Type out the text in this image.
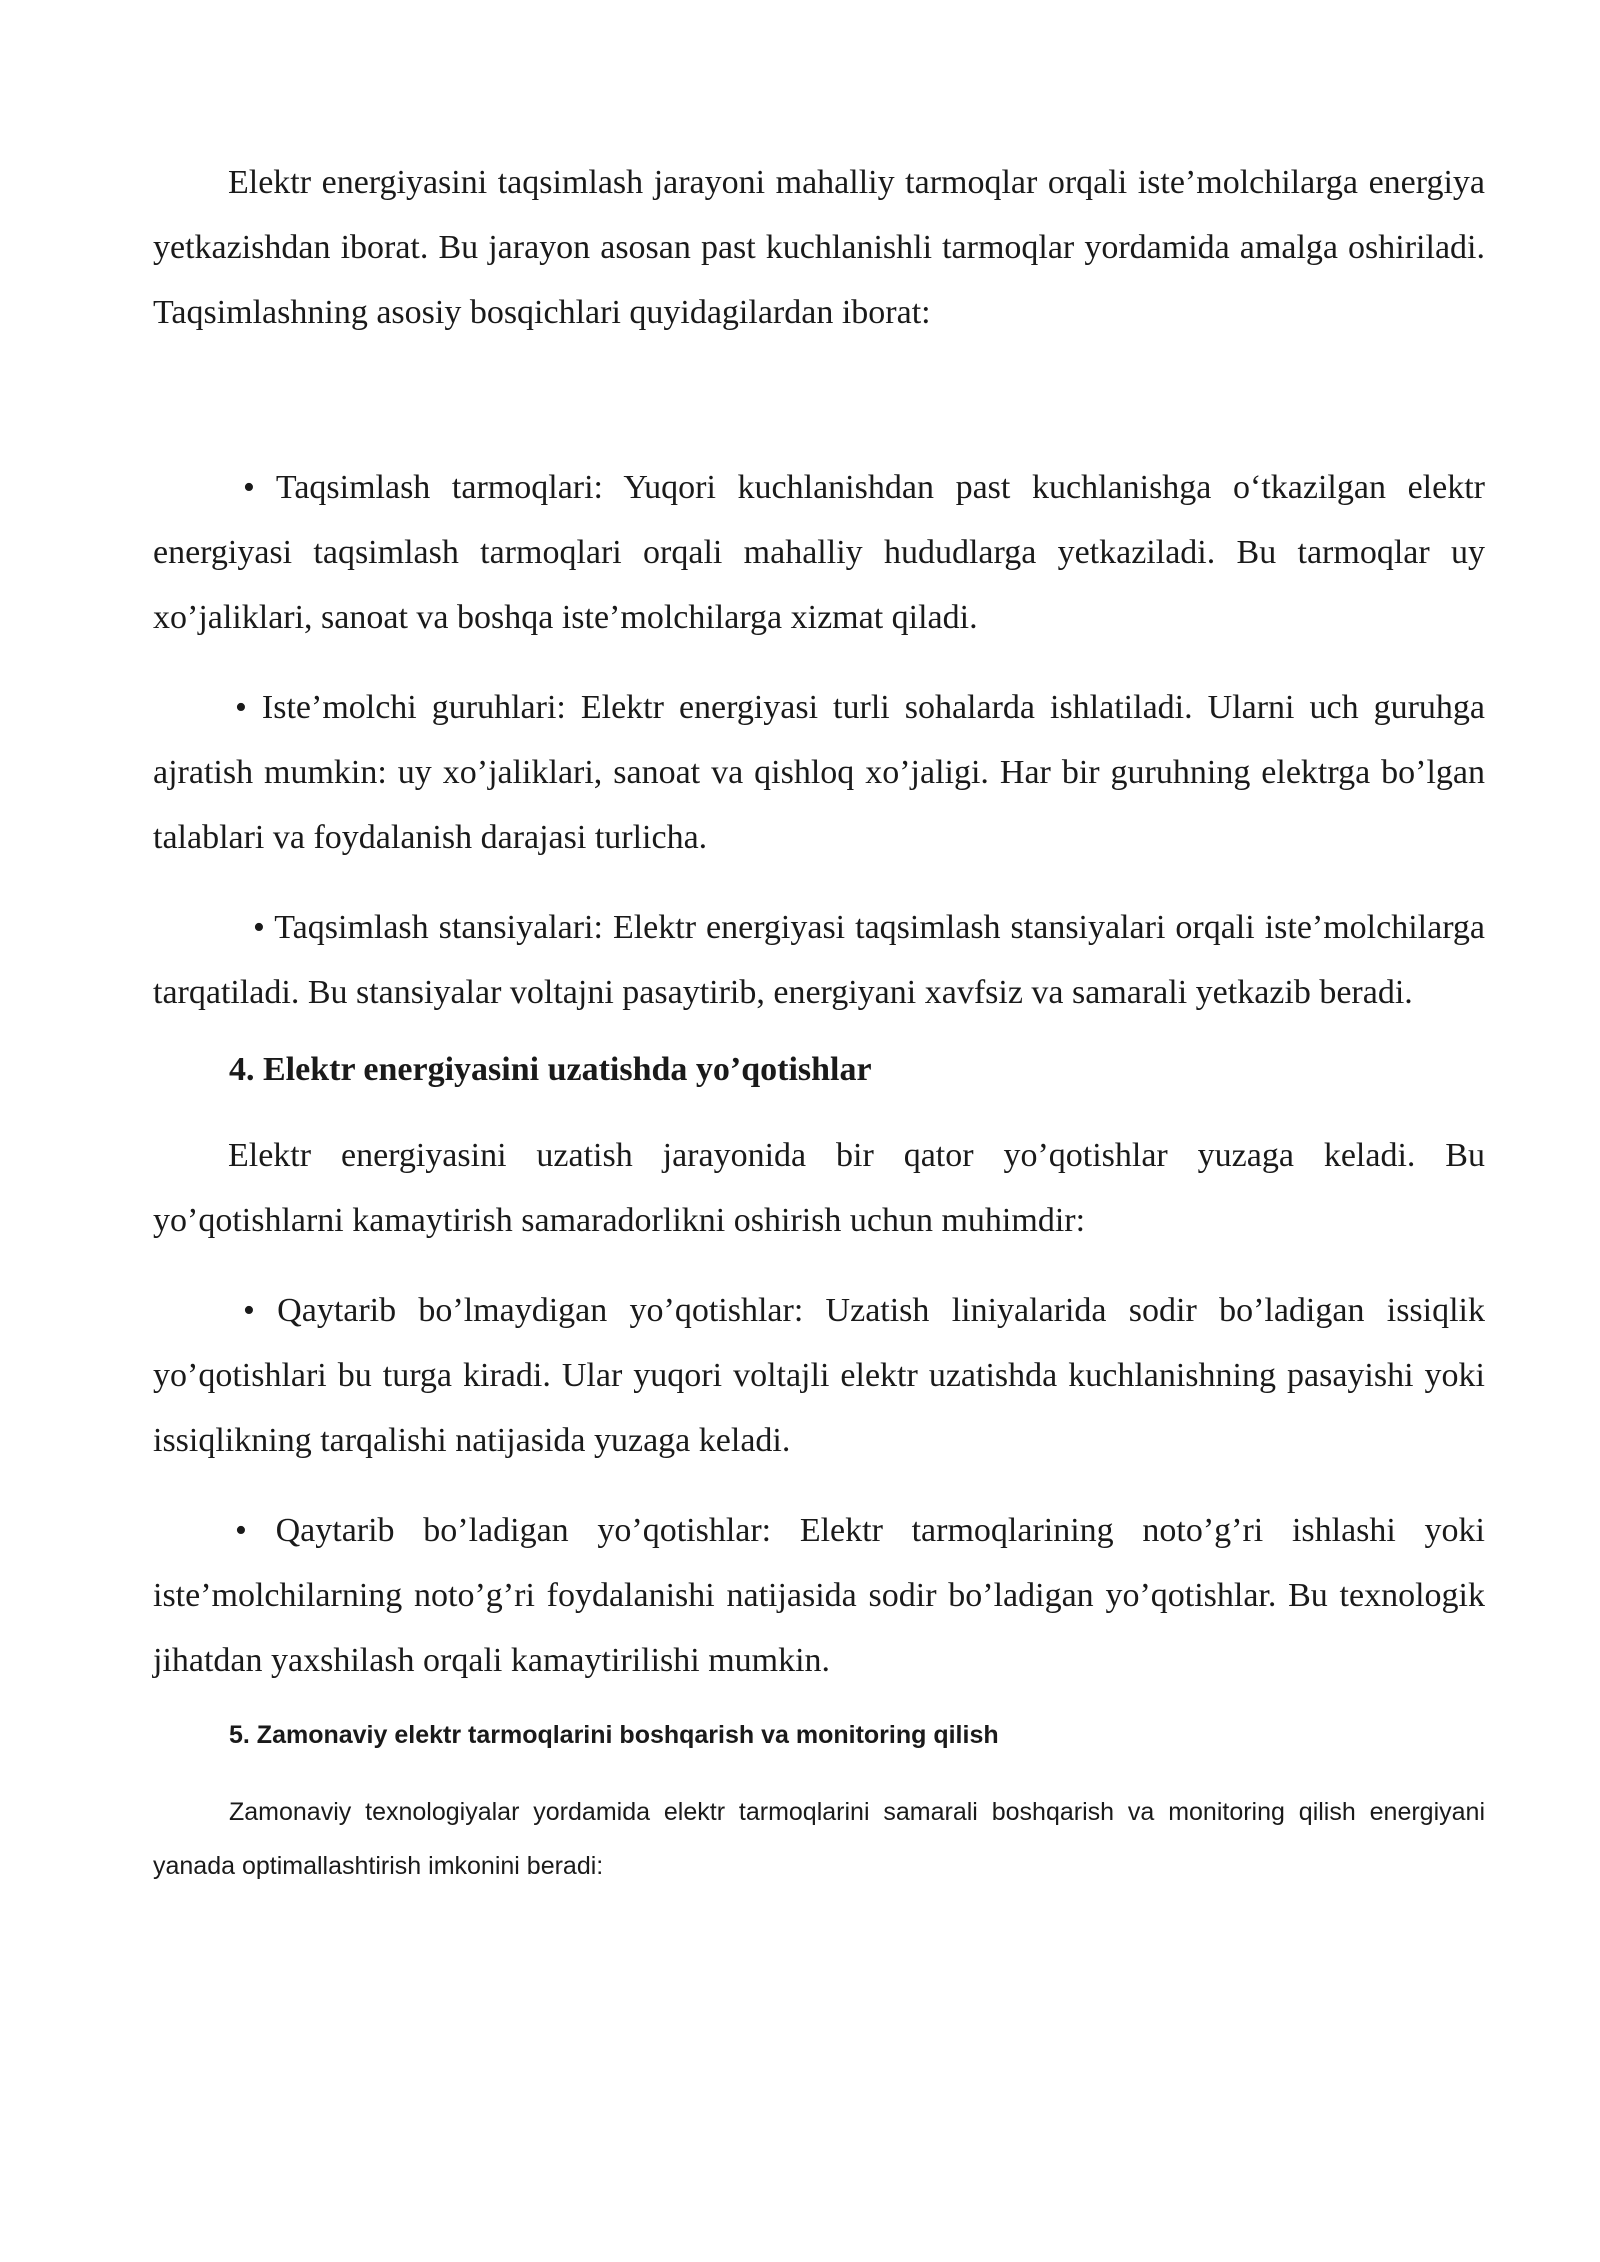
Elektr energiyasini taqsimlash jarayoni mahalliy tarmoqlar orqali iste’molchilarga energiya yetkazishdan iborat. Bu jarayon asosan past kuchlanishli tarmoqlar yordamida amalga oshiriladi. Taqsimlashning asosiy bosqichlari quyidagilardan iborat:

• Taqsimlash tarmoqlari: Yuqori kuchlanishdan past kuchlanishga o‘tkazilgan elektr energiyasi taqsimlash tarmoqlari orqali mahalliy hududlarga yetkaziladi. Bu tarmoqlar uy xo’jaliklari, sanoat va boshqa iste’molchilarga xizmat qiladi.

• Iste’molchi guruhlari: Elektr energiyasi turli sohalarda ishlatiladi. Ularni uch guruhga ajratish mumkin: uy xo’jaliklari, sanoat va qishloq xo’jaligi. Har bir guruhning elektrga bo’lgan talablari va foydalanish darajasi turlicha.

• Taqsimlash stansiyalari: Elektr energiyasi taqsimlash stansiyalari orqali iste’molchilarga tarqatiladi. Bu stansiyalar voltajni pasaytirib, energiyani xavfsiz va samarali yetkazib beradi.

4. Elektr energiyasini uzatishda yo’qotishlar

Elektr energiyasini uzatish jarayonida bir qator yo’qotishlar yuzaga keladi. Bu yo’qotishlarni kamaytirish samaradorlikni oshirish uchun muhimdir:

• Qaytarib bo’lmaydigan yo’qotishlar: Uzatish liniyalarida sodir bo’ladigan issiqlik yo’qotishlari bu turga kiradi. Ular yuqori voltajli elektr uzatishda kuchlanishning pasayishi yoki issiqlikning tarqalishi natijasida yuzaga keladi.

• Qaytarib bo’ladigan yo’qotishlar: Elektr tarmoqlarining noto’g’ri ishlashi yoki iste’molchilarning noto’g’ri foydalanishi natijasida sodir bo’ladigan yo’qotishlar. Bu texnologik jihatdan yaxshilash orqali kamaytirilishi mumkin.

5. Zamonaviy elektr tarmoqlarini boshqarish va monitoring qilish

Zamonaviy texnologiyalar yordamida elektr tarmoqlarini samarali boshqarish va monitoring qilish energiyani yanada optimallashtirish imkonini beradi:
